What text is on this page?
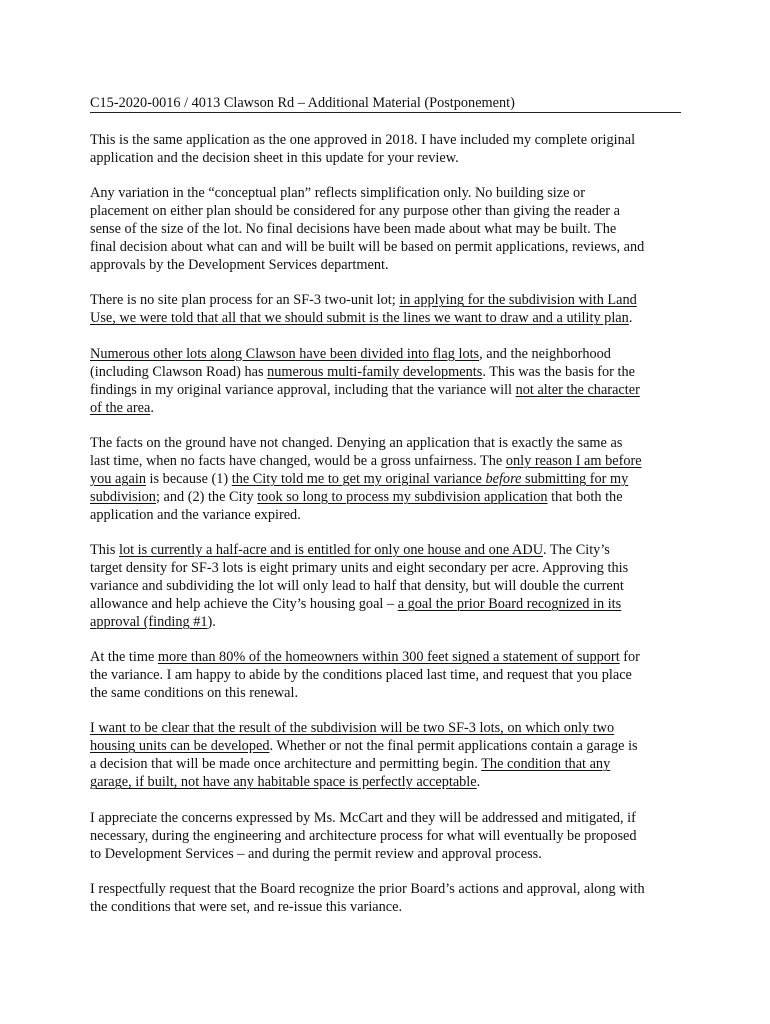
C15-2020-0016 / 4013 Clawson Rd – Additional Material (Postponement)

This is the same application as the one approved in 2018. I have included my complete original
application and the decision sheet in this update for your review.

Any variation in the “conceptual plan” reflects simplification only. No building size or
placement on either plan should be considered for any purpose other than giving the reader a
sense of the size of the lot. No final decisions have been made about what may be built. The
final decision about what can and will be built will be based on permit applications, reviews, and
approvals by the Development Services department.

There is no site plan process for an SF-3 two-unit lot; in applying for the subdivision with Land
Use, we were told that all that we should submit is the lines we want to draw and a utility plan.

Numerous other lots along Clawson have been divided into flag lots, and the neighborhood
(including Clawson Road) has numerous multi-family developments. This was the basis for the
findings in my original variance approval, including that the variance will not alter the character
of the area.

The facts on the ground have not changed. Denying an application that is exactly the same as
last time, when no facts have changed, would be a gross unfairness. The only reason I am before
you again is because (1) the City told me to get my original variance before submitting for my
subdivision; and (2) the City took so long to process my subdivision application that both the
application and the variance expired.

This lot is currently a half-acre and is entitled for only one house and one ADU. The City’s
target density for SF-3 lots is eight primary units and eight secondary per acre. Approving this
variance and subdividing the lot will only lead to half that density, but will double the current
allowance and help achieve the City’s housing goal – a goal the prior Board recognized in its
approval (finding #1).

At the time more than 80% of the homeowners within 300 feet signed a statement of support for
the variance. I am happy to abide by the conditions placed last time, and request that you place
the same conditions on this renewal.

I want to be clear that the result of the subdivision will be two SF-3 lots, on which only two
housing units can be developed. Whether or not the final permit applications contain a garage is
a decision that will be made once architecture and permitting begin. The condition that any
garage, if built, not have any habitable space is perfectly acceptable.

I appreciate the concerns expressed by Ms. McCart and they will be addressed and mitigated, if
necessary, during the engineering and architecture process for what will eventually be proposed
to Development Services – and during the permit review and approval process.

I respectfully request that the Board recognize the prior Board’s actions and approval, along with
the conditions that were set, and re-issue this variance.
